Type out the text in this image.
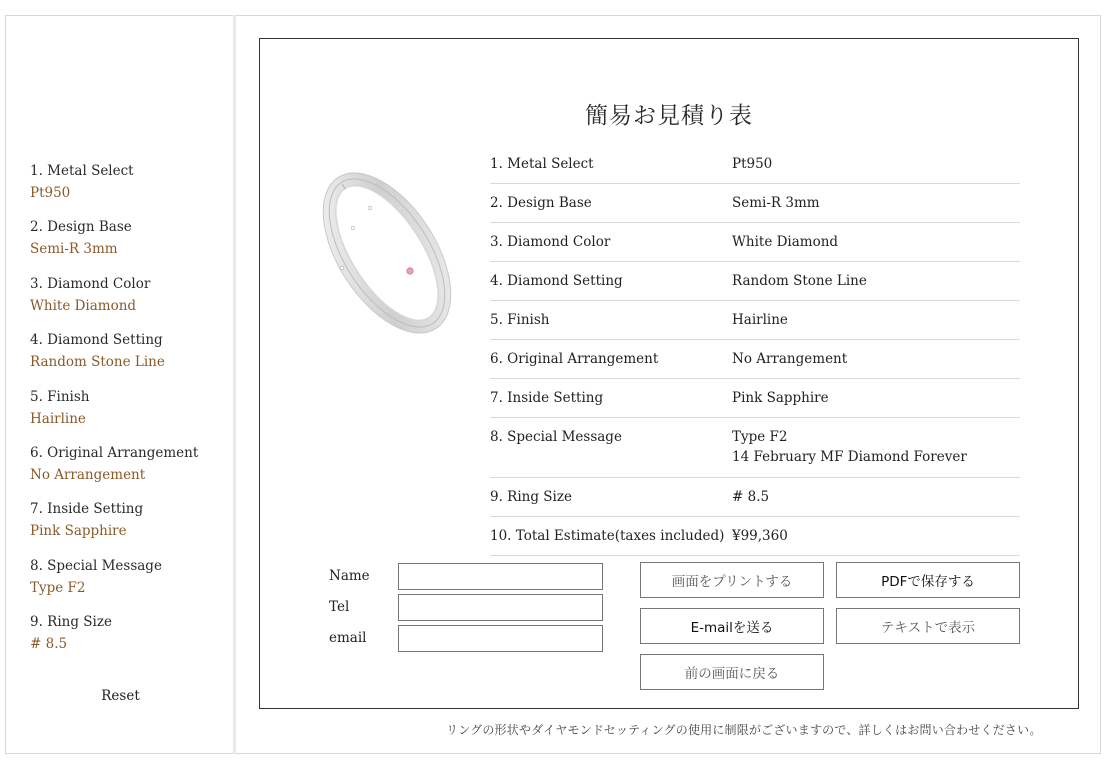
1. Metal Select
Pt950
2. Design Base
Semi-R 3mm
3. Diamond Color
White Diamond
4. Diamond Setting
Random Stone Line
5. Finish
Hairline
6. Original Arrangement
No Arrangement
7. Inside Setting
Pink Sapphire
8. Special Message
Type F2
9. Ring Size
# 8.5
Reset
簡易お見積り表
1. Metal Select	Pt950
2. Design Base	Semi-R 3mm
3. Diamond Color	White Diamond
4. Diamond Setting	Random Stone Line
5. Finish	Hairline
6. Original Arrangement	No Arrangement
7. Inside Setting	Pink Sapphire
8. Special Message	Type F2
14 February MF Diamond Forever
9. Ring Size	# 8.5
10. Total Estimate(taxes included) ¥99,360
Name
Tel
email
画面をプリントする	PDFで保存する
E-mailを送る	テキストで表示
前の画面に戻る
リングの形状やダイヤモンドセッティングの使用に制限がございますので、詳しくはお問い合わせください。
